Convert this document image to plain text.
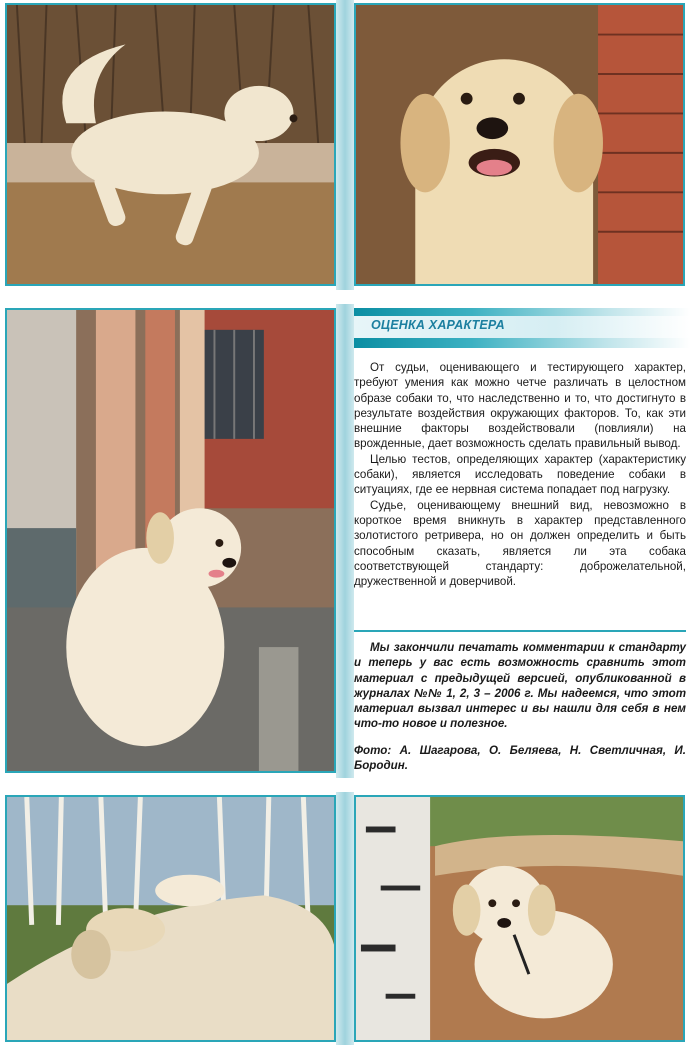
ОЦЕНКА ХАРАКТЕРА

От судьи, оценивающего и тестирующего характер, требуют умения как можно четче различать в целостном образе собаки то, что наследственно и то, что достигнуто в результате воздействия окружающих факторов. То, как эти внешние факторы воздействовали (повлияли) на врожденные, дает возможность сделать правильный вывод.

Целью тестов, определяющих характер (характеристику собаки), является исследовать поведение собаки в ситуациях, где ее нервная система попадает под нагрузку.

Судье, оценивающему внешний вид, невозможно в короткое время вникнуть в характер представленного золотистого ретривера, но он должен определить и быть способным сказать, является ли эта собака соответствующей стандарту: доброжелательной, дружественной и доверчивой.

Мы закончили печатать комментарии к стандарту и теперь у вас есть возможность сравнить этот материал с предыдущей версией, опубликованной в журналах №№ 1, 2, 3 – 2006 г. Мы надеемся, что этот материал вызвал интерес и вы нашли для себя в нем что-то новое и полезное.

Фото: А. Шагарова, О. Беляева, Н. Светличная, И. Бородин.
